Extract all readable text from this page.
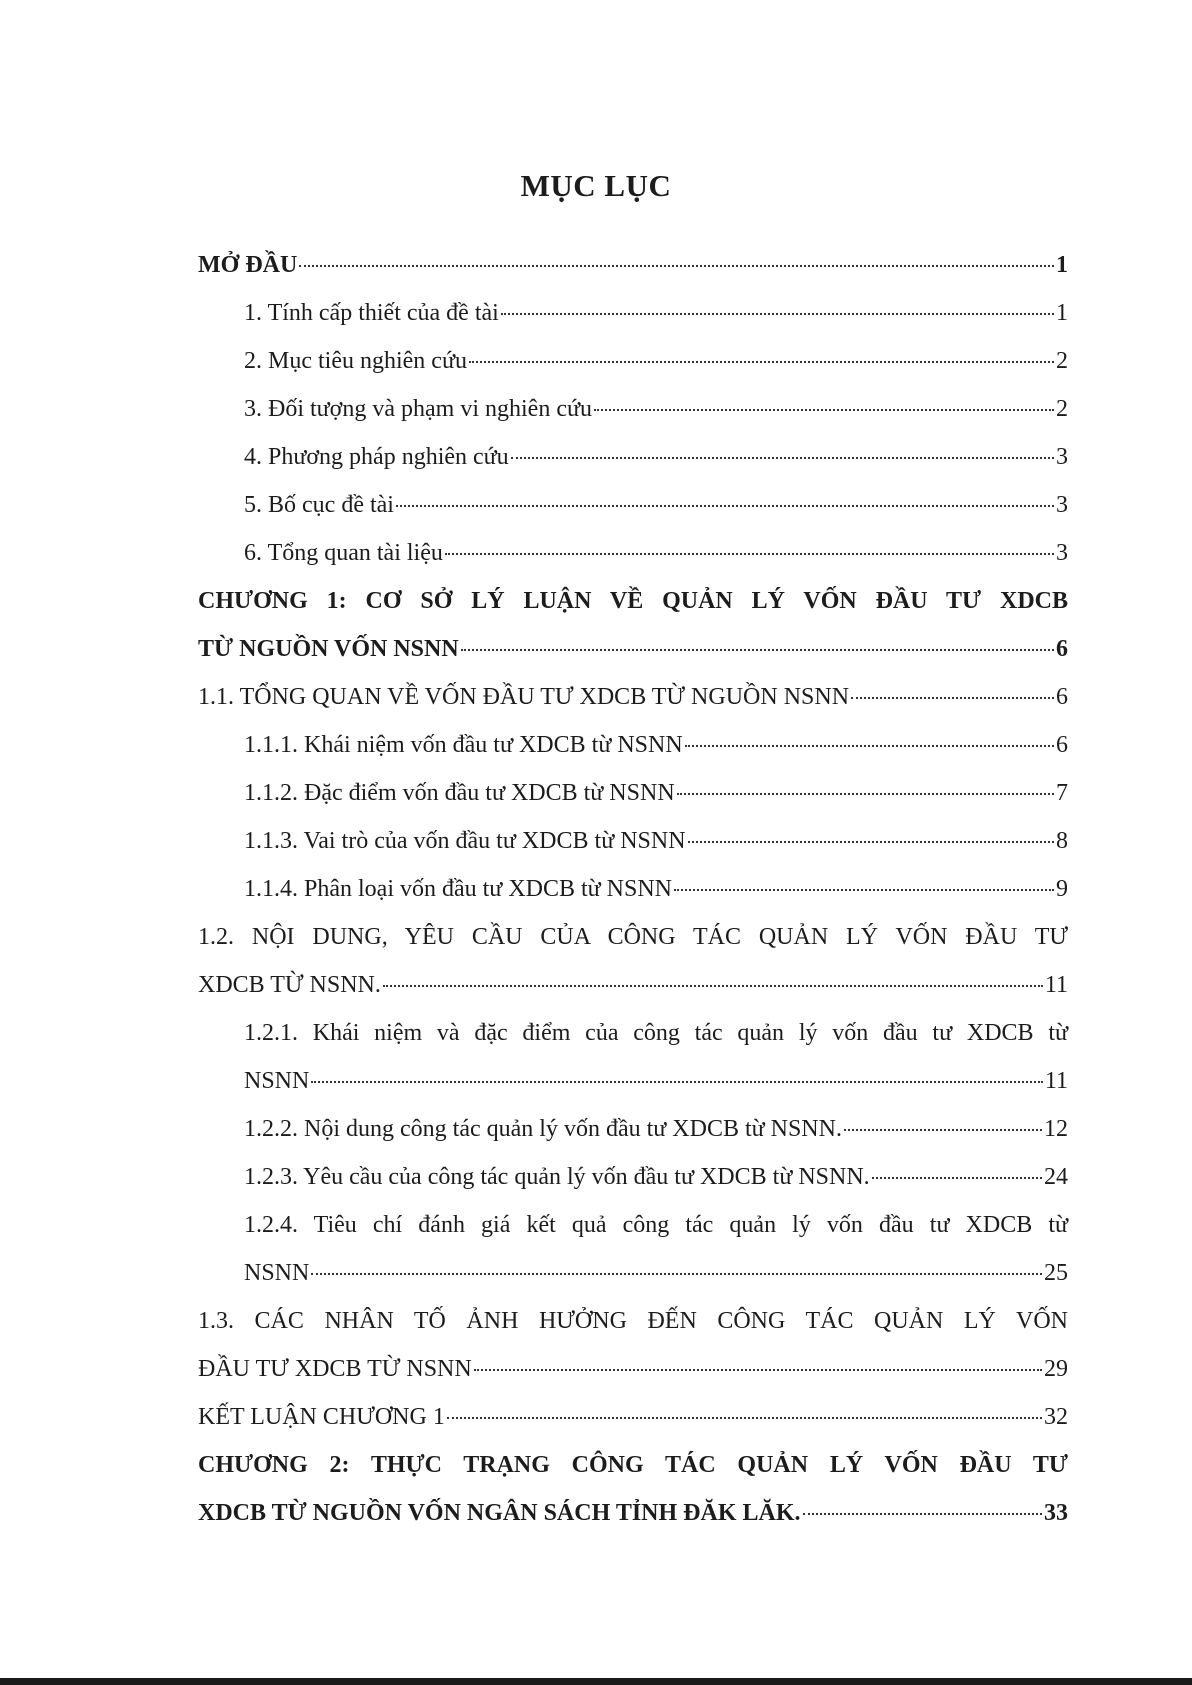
MỤC LỤC
MỞ ĐẦU	1
1. Tính cấp thiết của đề tài	1
2. Mục tiêu nghiên cứu	2
3. Đối tượng và phạm vi nghiên cứu	2
4. Phương pháp nghiên cứu	3
5. Bố cục đề tài	3
6. Tổng quan tài liệu	3
CHƯƠNG 1: CƠ SỞ LÝ LUẬN VỀ QUẢN LÝ VỐN ĐẦU TƯ XDCB
TỪ NGUỒN VỐN NSNN	6
1.1. TỔNG QUAN VỀ VỐN ĐẦU TƯ XDCB TỪ NGUỒN NSNN	6
1.1.1. Khái niệm vốn đầu tư XDCB từ NSNN	6
1.1.2. Đặc điểm vốn đầu tư XDCB từ NSNN	7
1.1.3. Vai trò của vốn đầu tư XDCB từ NSNN	8
1.1.4. Phân loại vốn đầu tư XDCB từ NSNN	9
1.2. NỘI DUNG, YÊU CẦU CỦA CÔNG TÁC QUẢN LÝ VỐN ĐẦU TƯ
XDCB TỪ NSNN.	11
1.2.1. Khái niệm và đặc điểm của công tác quản lý vốn đầu tư XDCB từ
NSNN	11
1.2.2. Nội dung công tác quản lý vốn đầu tư XDCB từ NSNN.	12
1.2.3. Yêu cầu của công tác quản lý vốn đầu tư XDCB từ NSNN.	24
1.2.4. Tiêu chí đánh giá kết quả công tác quản lý vốn đầu tư XDCB từ
NSNN	25
1.3. CÁC NHÂN TỐ ẢNH HƯỞNG ĐẾN CÔNG TÁC QUẢN LÝ VỐN
ĐẦU TƯ XDCB TỪ NSNN	29
KẾT LUẬN CHƯƠNG 1	32
CHƯƠNG 2: THỰC TRẠNG CÔNG TÁC QUẢN LÝ VỐN ĐẦU TƯ
XDCB TỪ NGUỒN VỐN NGÂN SÁCH TỈNH ĐĂK LĂK.	33
